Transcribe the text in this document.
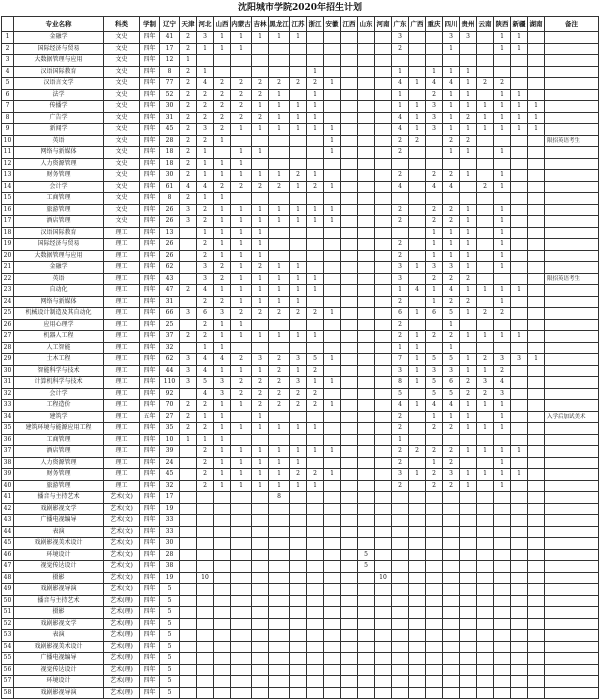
沈阳城市学院2020年招生计划
	专业名称	科类	学制	辽宁	天津	河北	山西	内蒙古	吉林	黑龙江	江苏	浙江	安徽	江西	山东	河南	广东	广西	重庆	四川	贵州	云南	陕西	新疆	湖南	备注
1	金融学	文史	四年	41	2	3	1	1	1	1	1						3			3	3		1	1		
2	国际经济与贸易	文史	四年	17	2	1	1	1									2			1			1	1		
3	大数据管理与应用	文史	四年	12	1																					
4	汉语国际教育	文史	四年	8	2	1						1					1		1	1	1					
5	汉语言文学	文史	四年	77	2	4	2	2	2	2	2	2	1				4	1	4	4	1	2	2			
6	法学	文史	四年	52	2	2	2	2	2	1		1					1		2	1	1		1	1		
7	传播学	文史	四年	30	2	2	2	2	1	1	1	1					1	1	3	1	1	1	1	1	1	
8	广告学	文史	四年	31	2	2	2	2	2	1	1	1					4	1	3	1	2	1	1	1	1	
9	新闻学	文史	四年	45	2	3	2	1	1	1	1	1	1				4	1	3	1	1	1	1	1	1	
10	英语	文史	四年	28	2	2	1						1				2	2		2	2					限招英语考生
11	网络与新媒体	文史	四年	18	2	1		1	1				1				2			1	1		1			
12	人力资源管理	文史	四年	18	2	1	1	1																		
13	财务管理	文史	四年	30	2	1	1	1	1	1	2	1					2		2	2	1		1			
14	会计学	文史	四年	61	4	4	2	2	2	2	1	2	1				4		4	4		2	1			
15	工商管理	文史	四年	8	2	1	1																			
16	旅游管理	文史	四年	26	3	2	1	1	1	1	1	1	1				2		2	2	1		1			
17	酒店管理	文史	四年	26	3	2	1	1	1	1	1	1	1				2		2	2	1		1			
18	汉语国际教育	理工	四年	13		1	1	1	1										1	1	1		1			
19	国际经济与贸易	理工	四年	26		2	1	1	1								2		1	1	1		1			
20	大数据管理与应用	理工	四年	26		2	1	1	1								2		1	1	1		1			
21	金融学	理工	四年	62		3	2	1	2	1	1						3	1	3	3	1		1			
22	英语	理工	四年	43		3	2	1	1	1	1	1					3		2	2	2					限招英语考生
23	自动化	理工	四年	47	2	4	1	1	1	1	1	1					1	4	1	4	1	1	1	1		
24	网络与新媒体	理工	四年	31		2	2	1	1	1	1						2		1	2	2		1			
25	机械设计制造及其自动化	理工	四年	66	3	6	3	2	2	2	2	2	1				6	1	6	5	1	2	2			
26	应用心理学	理工	四年	25		2	1	1									2			1						
27	机器人工程	理工	四年	37	2	2	1	1	1	1	1	1					2	1	2	2	1	1	1	1		
28	人工智能	理工	四年	32		1	1										1	1		1						
29	土木工程	理工	四年	62	3	4	4	2	3	2	3	5	1				7	1	5	5	1	2	3	3	1	
30	智能科学与技术	理工	四年	44	3	4	1	1	1	2	1	2					3	1	3	3	1	1	2			
31	计算机科学与技术	理工	四年	110	3	5	3	2	2	2	3	1	1				8	1	5	6	2	3	4			
32	会计学	理工	四年	92		4	3	2	2	2	2	2					5		5	5	2	2	3			
33	工程造价	理工	四年	70	2	2	1	1	2	2	2	2	1				4	1	4	4	1	1	1			
34	建筑学	理工	五年	27	2	1	1		1								2		1	1	1		1			入学后加试美术
35	建筑环境与能源应用工程	理工	四年	35	2	2	1	1	1	1	1	1					2		2	2	1	1	1			
36	工商管理	理工	四年	10	1	1	1										1									
37	酒店管理	理工	四年	39		2	1	1	1	1	1	1	1				2	2	2	2	1	1	1	1		
38	人力资源管理	理工	四年	24		2	1	1	1	1	1						2		1	2			1			
39	财务管理	理工	四年	45		2	1	1	1	1	2	2	1				3	1	2	3	1	1	1	1		
40	旅游管理	理工	四年	32		2	1	1	1	1	1	1					2		2	2	1		1			
41	播音与主持艺术	艺术(文)	四年	17						8																
42	戏剧影视文学	艺术(文)	四年	19																						
43	广播电视编导	艺术(文)	四年	33																						
44	表演	艺术(文)	四年	33																						
45	戏剧影视美术设计	艺术(文)	四年	30																						
46	环境设计	艺术(文)	四年	28											5											
47	视觉传达设计	艺术(文)	四年	38											5											
48	摄影	艺术(文)	四年	19		10										10										
49	戏剧影视导演	艺术(文)	四年	5																						
50	播音与主持艺术	艺术(理)	四年	5																						
51	摄影	艺术(理)	四年	5																						
52	戏剧影视文学	艺术(理)	四年	5																						
53	表演	艺术(理)	四年	5																						
54	戏剧影视美术设计	艺术(理)	四年	5																						
55	广播电视编导	艺术(理)	四年	5																						
56	视觉传达设计	艺术(理)	四年	5																						
57	环境设计	艺术(理)	四年	5																						
58	戏剧影视导演	艺术(理)	四年	5																						
